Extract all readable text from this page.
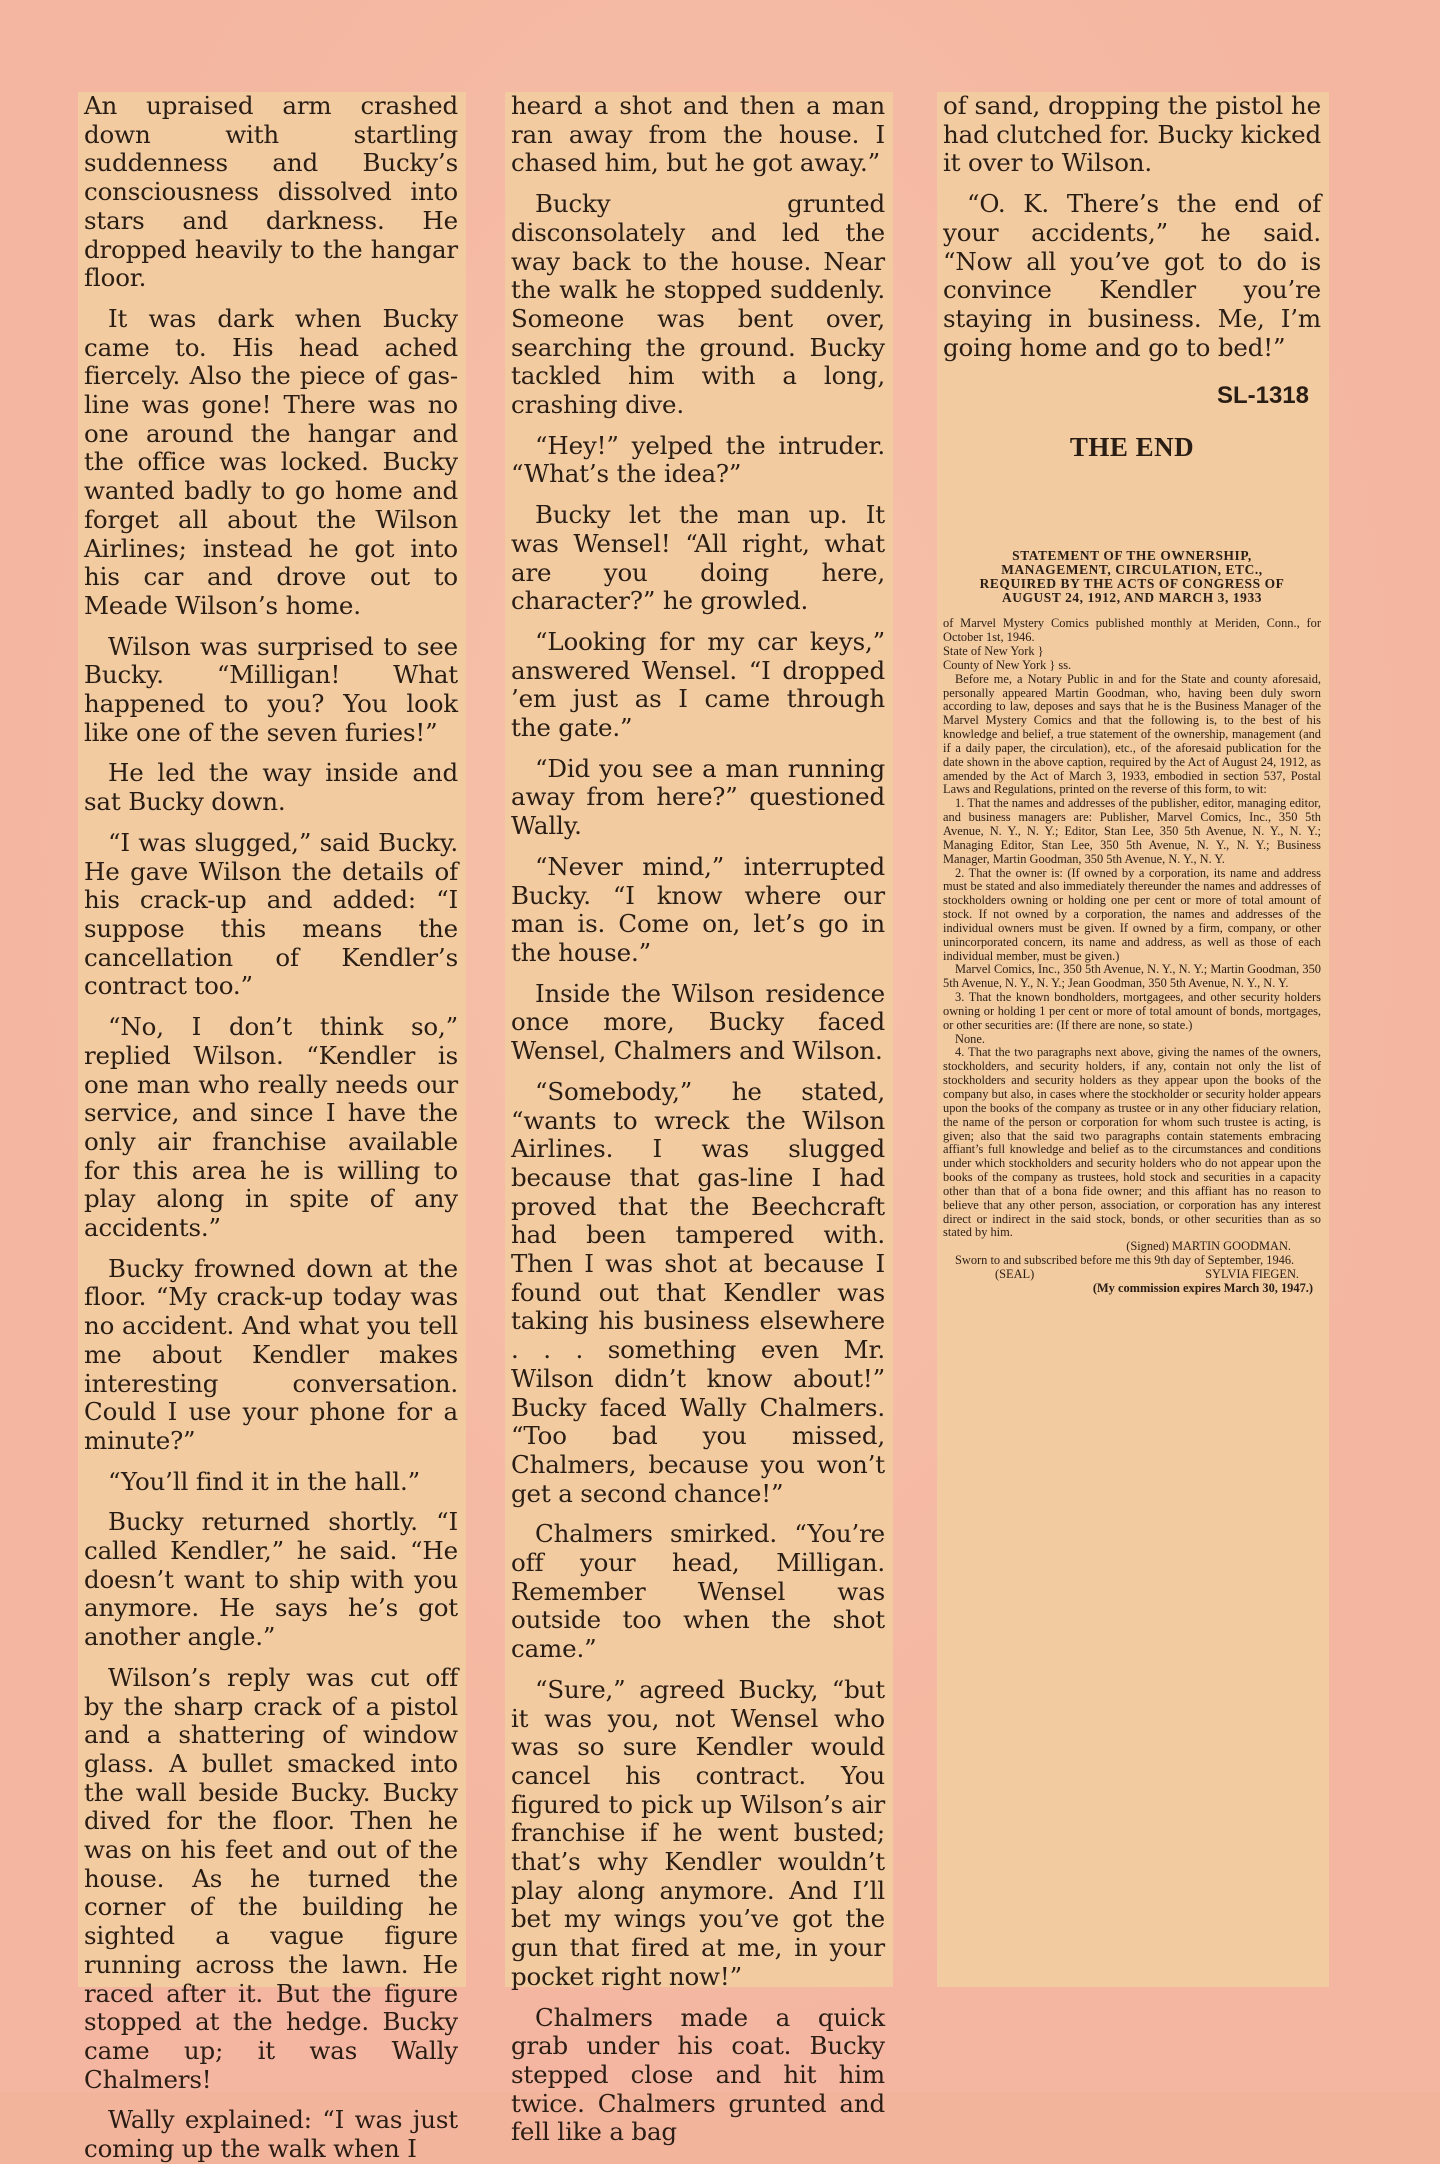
An upraised arm crashed down with startling suddenness and Bucky’s consciousness dissolved into stars and darkness. He dropped heavily to the hangar floor.

It was dark when Bucky came to. His head ached fiercely. Also the piece of gas-line was gone! There was no one around the hangar and the office was locked. Bucky wanted badly to go home and forget all about the Wilson Airlines; instead he got into his car and drove out to Meade Wilson’s home.

Wilson was surprised to see Bucky. “Milligan! What happened to you? You look like one of the seven furies!”

He led the way inside and sat Bucky down.

“I was slugged,” said Bucky. He gave Wilson the details of his crack-up and added: “I suppose this means the cancellation of Kendler’s contract too.”

“No, I don’t think so,” replied Wilson. “Kendler is one man who really needs our service, and since I have the only air franchise available for this area he is willing to play along in spite of any accidents.”

Bucky frowned down at the floor. “My crack-up today was no accident. And what you tell me about Kendler makes interesting conversation. Could I use your phone for a minute?”

“You’ll find it in the hall.”

Bucky returned shortly. “I called Kendler,” he said. “He doesn’t want to ship with you anymore. He says he’s got another angle.”

Wilson’s reply was cut off by the sharp crack of a pistol and a shattering of window glass. A bullet smacked into the wall beside Bucky. Bucky dived for the floor. Then he was on his feet and out of the house. As he turned the corner of the building he sighted a vague figure running across the lawn. He raced after it. But the figure stopped at the hedge. Bucky came up; it was Wally Chalmers!

Wally explained: “I was just coming up the walk when I

heard a shot and then a man ran away from the house. I chased him, but he got away.”

Bucky grunted disconsolately and led the way back to the house. Near the walk he stopped suddenly. Someone was bent over, searching the ground. Bucky tackled him with a long, crashing dive.

“Hey!” yelped the intruder. “What’s the idea?”

Bucky let the man up. It was Wensel! “All right, what are you doing here, character?” he growled.

“Looking for my car keys,” answered Wensel. “I dropped ’em just as I came through the gate.”

“Did you see a man running away from here?” questioned Wally.

“Never mind,” interrupted Bucky. “I know where our man is. Come on, let’s go in the house.”

Inside the Wilson residence once more, Bucky faced Wensel, Chalmers and Wilson.

“Somebody,” he stated, “wants to wreck the Wilson Airlines. I was slugged because that gas-line I had proved that the Beechcraft had been tampered with. Then I was shot at because I found out that Kendler was taking his business elsewhere . . . something even Mr. Wilson didn’t know about!” Bucky faced Wally Chalmers. “Too bad you missed, Chalmers, because you won’t get a second chance!”

Chalmers smirked. “You’re off your head, Milligan. Remember Wensel was outside too when the shot came.”

“Sure,” agreed Bucky, “but it was you, not Wensel who was so sure Kendler would cancel his contract. You figured to pick up Wilson’s air franchise if he went busted; that’s why Kendler wouldn’t play along anymore. And I’ll bet my wings you’ve got the gun that fired at me, in your pocket right now!”

Chalmers made a quick grab under his coat. Bucky stepped close and hit him twice. Chalmers grunted and fell like a bag

of sand, dropping the pistol he had clutched for. Bucky kicked it over to Wilson.

“O. K. There’s the end of your accidents,” he said. “Now all you’ve got to do is convince Kendler you’re staying in business. Me, I’m going home and go to bed!”

SL-1318
THE END
STATEMENT OF THE OWNERSHIP,
MANAGEMENT, CIRCULATION, ETC.,
REQUIRED BY THE ACTS OF CONGRESS OF
AUGUST 24, 1912, AND MARCH 3, 1933

of Marvel Mystery Comics published monthly at Meriden, Conn., for October 1st, 1946.

State of New York }

County of New York } ss.

Before me, a Notary Public in and for the State and county aforesaid, personally appeared Martin Goodman, who, having been duly sworn according to law, deposes and says that he is the Business Manager of the Marvel Mystery Comics and that the following is, to the best of his knowledge and belief, a true statement of the ownership, management (and if a daily paper, the circulation), etc., of the aforesaid publication for the date shown in the above caption, required by the Act of August 24, 1912, as amended by the Act of March 3, 1933, embodied in section 537, Postal Laws and Regulations, printed on the reverse of this form, to wit:

1. That the names and addresses of the publisher, editor, managing editor, and business managers are: Publisher, Marvel Comics, Inc., 350 5th Avenue, N. Y., N. Y.; Editor, Stan Lee, 350 5th Avenue, N. Y., N. Y.; Managing Editor, Stan Lee, 350 5th Avenue, N. Y., N. Y.; Business Manager, Martin Goodman, 350 5th Avenue, N. Y., N. Y.

2. That the owner is: (If owned by a corporation, its name and address must be stated and also immediately thereunder the names and addresses of stockholders owning or holding one per cent or more of total amount of stock. If not owned by a corporation, the names and addresses of the individual owners must be given. If owned by a firm, company, or other unincorporated concern, its name and address, as well as those of each individual member, must be given.)

Marvel Comics, Inc., 350 5th Avenue, N. Y., N. Y.; Martin Goodman, 350 5th Avenue, N. Y., N. Y.; Jean Goodman, 350 5th Avenue, N. Y., N. Y.

3. That the known bondholders, mortgagees, and other security holders owning or holding 1 per cent or more of total amount of bonds, mortgages, or other securities are: (If there are none, so state.)

None.

4. That the two paragraphs next above, giving the names of the owners, stockholders, and security holders, if any, contain not only the list of stockholders and security holders as they appear upon the books of the company but also, in cases where the stockholder or security holder appears upon the books of the company as trustee or in any other fiduciary relation, the name of the person or corporation for whom such trustee is acting, is given; also that the said two paragraphs contain statements embracing affiant’s full knowledge and belief as to the circumstances and conditions under which stockholders and security holders who do not appear upon the books of the company as trustees, hold stock and securities in a capacity other than that of a bona fide owner; and this affiant has no reason to believe that any other person, association, or corporation has any interest direct or indirect in the said stock, bonds, or other securities than as so stated by him.

(Signed) MARTIN GOODMAN.

Sworn to and subscribed before me this 9th day of September, 1946.

(SEAL)	SYLVIA FIEGEN.

(My commission expires March 30, 1947.)
